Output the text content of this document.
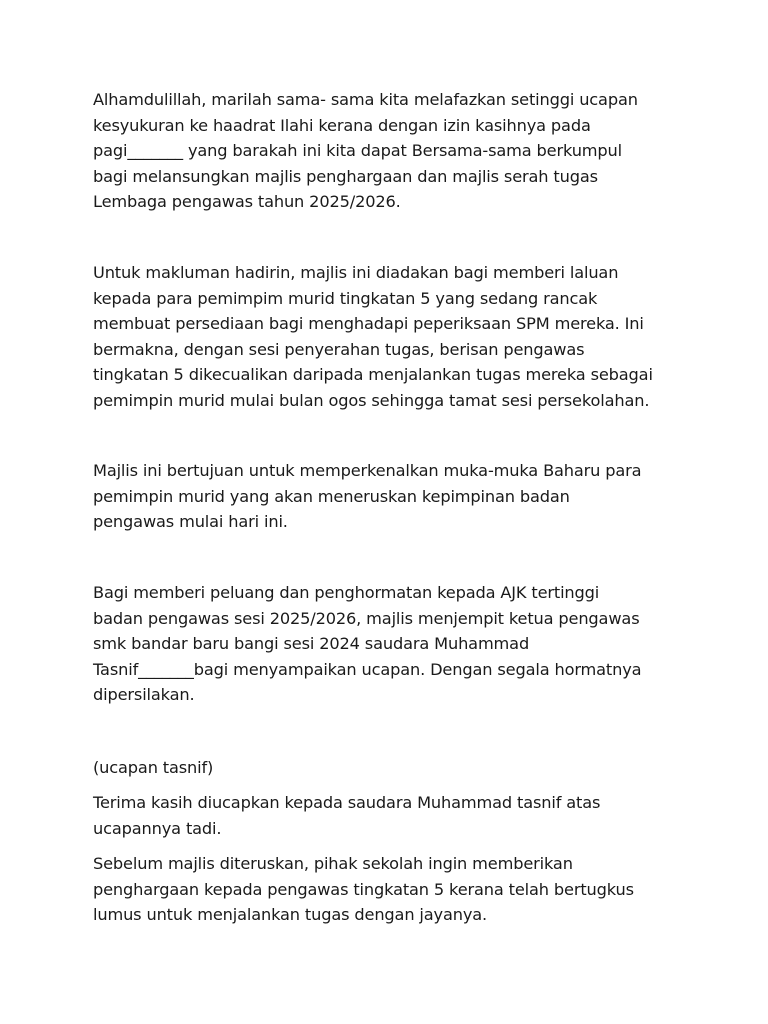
Alhamdulillah, marilah sama- sama kita melafazkan setinggi ucapan
kesyukuran ke haadrat Ilahi kerana dengan izin kasihnya pada
pagi_______ yang barakah ini kita dapat Bersama-sama berkumpul
bagi melansungkan majlis penghargaan dan majlis serah tugas
Lembaga pengawas tahun 2025/2026.

Untuk makluman hadirin, majlis ini diadakan bagi memberi laluan
kepada para pemimpim murid tingkatan 5 yang sedang rancak
membuat persediaan bagi menghadapi peperiksaan SPM mereka. Ini
bermakna, dengan sesi penyerahan tugas, berisan pengawas
tingkatan 5 dikecualikan daripada menjalankan tugas mereka sebagai
pemimpin murid mulai bulan ogos sehingga tamat sesi persekolahan.

Majlis ini bertujuan untuk memperkenalkan muka-muka Baharu para
pemimpin murid yang akan meneruskan kepimpinan badan
pengawas mulai hari ini.

Bagi memberi peluang dan penghormatan kepada AJK tertinggi
badan pengawas sesi 2025/2026, majlis menjempit ketua pengawas
smk bandar baru bangi sesi 2024 saudara Muhammad
Tasnif_______bagi menyampaikan ucapan. Dengan segala hormatnya
dipersilakan.

(ucapan tasnif)

Terima kasih diucapkan kepada saudara Muhammad tasnif atas
ucapannya tadi.

Sebelum majlis diteruskan, pihak sekolah ingin memberikan
penghargaan kepada pengawas tingkatan 5 kerana telah bertugkus
lumus untuk menjalankan tugas dengan jayanya.
